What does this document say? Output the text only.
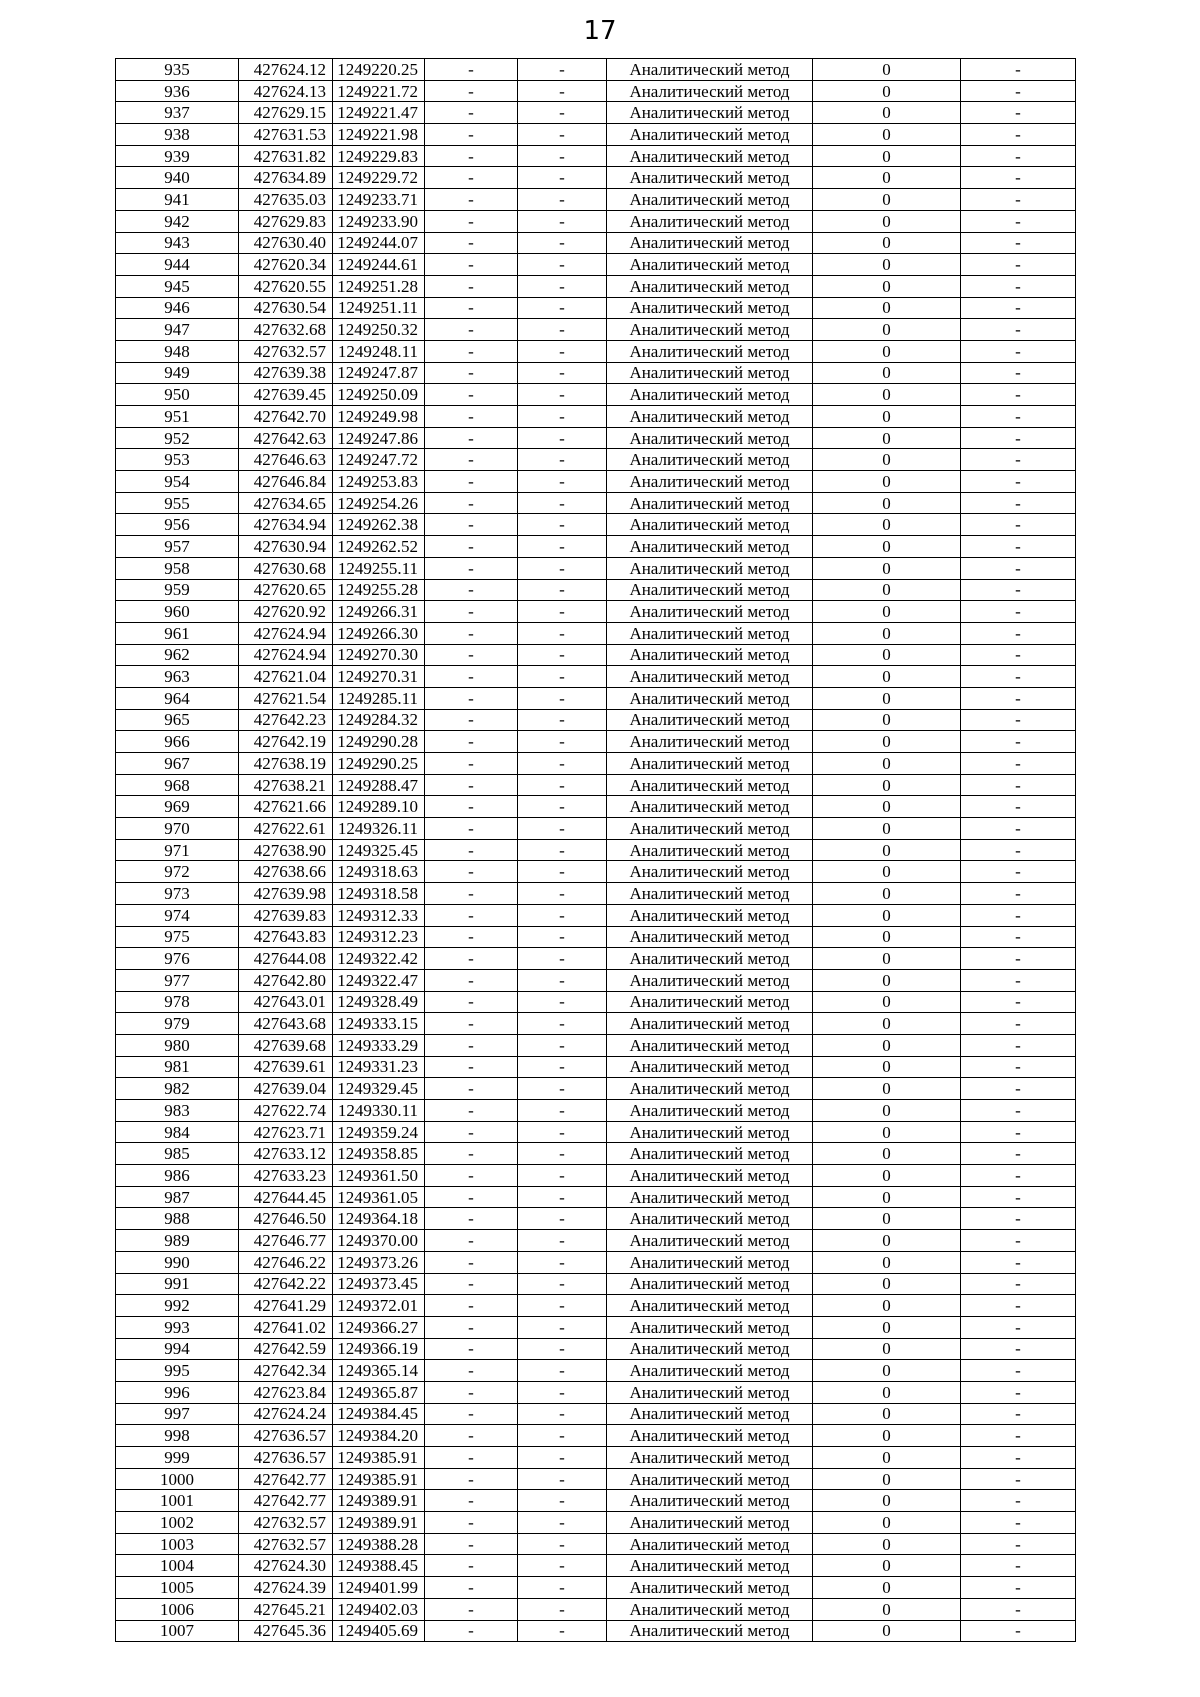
17
935	427624.12	1249220.25	-	-	Аналитический метод	0	-
936	427624.13	1249221.72	-	-	Аналитический метод	0	-
937	427629.15	1249221.47	-	-	Аналитический метод	0	-
938	427631.53	1249221.98	-	-	Аналитический метод	0	-
939	427631.82	1249229.83	-	-	Аналитический метод	0	-
940	427634.89	1249229.72	-	-	Аналитический метод	0	-
941	427635.03	1249233.71	-	-	Аналитический метод	0	-
942	427629.83	1249233.90	-	-	Аналитический метод	0	-
943	427630.40	1249244.07	-	-	Аналитический метод	0	-
944	427620.34	1249244.61	-	-	Аналитический метод	0	-
945	427620.55	1249251.28	-	-	Аналитический метод	0	-
946	427630.54	1249251.11	-	-	Аналитический метод	0	-
947	427632.68	1249250.32	-	-	Аналитический метод	0	-
948	427632.57	1249248.11	-	-	Аналитический метод	0	-
949	427639.38	1249247.87	-	-	Аналитический метод	0	-
950	427639.45	1249250.09	-	-	Аналитический метод	0	-
951	427642.70	1249249.98	-	-	Аналитический метод	0	-
952	427642.63	1249247.86	-	-	Аналитический метод	0	-
953	427646.63	1249247.72	-	-	Аналитический метод	0	-
954	427646.84	1249253.83	-	-	Аналитический метод	0	-
955	427634.65	1249254.26	-	-	Аналитический метод	0	-
956	427634.94	1249262.38	-	-	Аналитический метод	0	-
957	427630.94	1249262.52	-	-	Аналитический метод	0	-
958	427630.68	1249255.11	-	-	Аналитический метод	0	-
959	427620.65	1249255.28	-	-	Аналитический метод	0	-
960	427620.92	1249266.31	-	-	Аналитический метод	0	-
961	427624.94	1249266.30	-	-	Аналитический метод	0	-
962	427624.94	1249270.30	-	-	Аналитический метод	0	-
963	427621.04	1249270.31	-	-	Аналитический метод	0	-
964	427621.54	1249285.11	-	-	Аналитический метод	0	-
965	427642.23	1249284.32	-	-	Аналитический метод	0	-
966	427642.19	1249290.28	-	-	Аналитический метод	0	-
967	427638.19	1249290.25	-	-	Аналитический метод	0	-
968	427638.21	1249288.47	-	-	Аналитический метод	0	-
969	427621.66	1249289.10	-	-	Аналитический метод	0	-
970	427622.61	1249326.11	-	-	Аналитический метод	0	-
971	427638.90	1249325.45	-	-	Аналитический метод	0	-
972	427638.66	1249318.63	-	-	Аналитический метод	0	-
973	427639.98	1249318.58	-	-	Аналитический метод	0	-
974	427639.83	1249312.33	-	-	Аналитический метод	0	-
975	427643.83	1249312.23	-	-	Аналитический метод	0	-
976	427644.08	1249322.42	-	-	Аналитический метод	0	-
977	427642.80	1249322.47	-	-	Аналитический метод	0	-
978	427643.01	1249328.49	-	-	Аналитический метод	0	-
979	427643.68	1249333.15	-	-	Аналитический метод	0	-
980	427639.68	1249333.29	-	-	Аналитический метод	0	-
981	427639.61	1249331.23	-	-	Аналитический метод	0	-
982	427639.04	1249329.45	-	-	Аналитический метод	0	-
983	427622.74	1249330.11	-	-	Аналитический метод	0	-
984	427623.71	1249359.24	-	-	Аналитический метод	0	-
985	427633.12	1249358.85	-	-	Аналитический метод	0	-
986	427633.23	1249361.50	-	-	Аналитический метод	0	-
987	427644.45	1249361.05	-	-	Аналитический метод	0	-
988	427646.50	1249364.18	-	-	Аналитический метод	0	-
989	427646.77	1249370.00	-	-	Аналитический метод	0	-
990	427646.22	1249373.26	-	-	Аналитический метод	0	-
991	427642.22	1249373.45	-	-	Аналитический метод	0	-
992	427641.29	1249372.01	-	-	Аналитический метод	0	-
993	427641.02	1249366.27	-	-	Аналитический метод	0	-
994	427642.59	1249366.19	-	-	Аналитический метод	0	-
995	427642.34	1249365.14	-	-	Аналитический метод	0	-
996	427623.84	1249365.87	-	-	Аналитический метод	0	-
997	427624.24	1249384.45	-	-	Аналитический метод	0	-
998	427636.57	1249384.20	-	-	Аналитический метод	0	-
999	427636.57	1249385.91	-	-	Аналитический метод	0	-
1000	427642.77	1249385.91	-	-	Аналитический метод	0	-
1001	427642.77	1249389.91	-	-	Аналитический метод	0	-
1002	427632.57	1249389.91	-	-	Аналитический метод	0	-
1003	427632.57	1249388.28	-	-	Аналитический метод	0	-
1004	427624.30	1249388.45	-	-	Аналитический метод	0	-
1005	427624.39	1249401.99	-	-	Аналитический метод	0	-
1006	427645.21	1249402.03	-	-	Аналитический метод	0	-
1007	427645.36	1249405.69	-	-	Аналитический метод	0	-
